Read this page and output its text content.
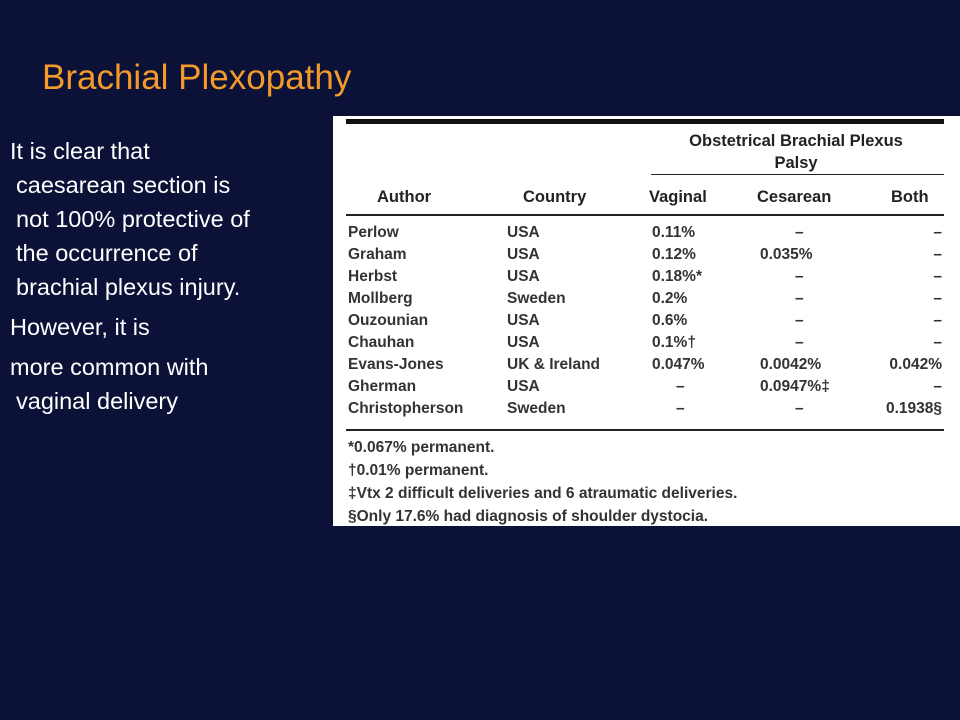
Brachial Plexopathy
It is clear that
caesarean section is
not 100% protective of
the occurrence of
brachial plexus injury.
However, it is
more common with
vaginal delivery
Obstetrical Brachial Plexus
Palsy
Author	Country	Vaginal	Cesarean	Both
Perlow	USA	0.11%	–	–
Graham	USA	0.12%	0.035%	–
Herbst	USA	0.18%*	–	–
Mollberg	Sweden	0.2%	–	–
Ouzounian	USA	0.6%	–	–
Chauhan	USA	0.1%†	–	–
Evans-Jones	UK & Ireland	0.047%	0.0042%	0.042%
Gherman	USA	–	0.0947%‡	–
Christopherson	Sweden	–	–	0.1938§
*0.067% permanent.
†0.01% permanent.
‡Vtx 2 difficult deliveries and 6 atraumatic deliveries.
§Only 17.6% had diagnosis of shoulder dystocia.
